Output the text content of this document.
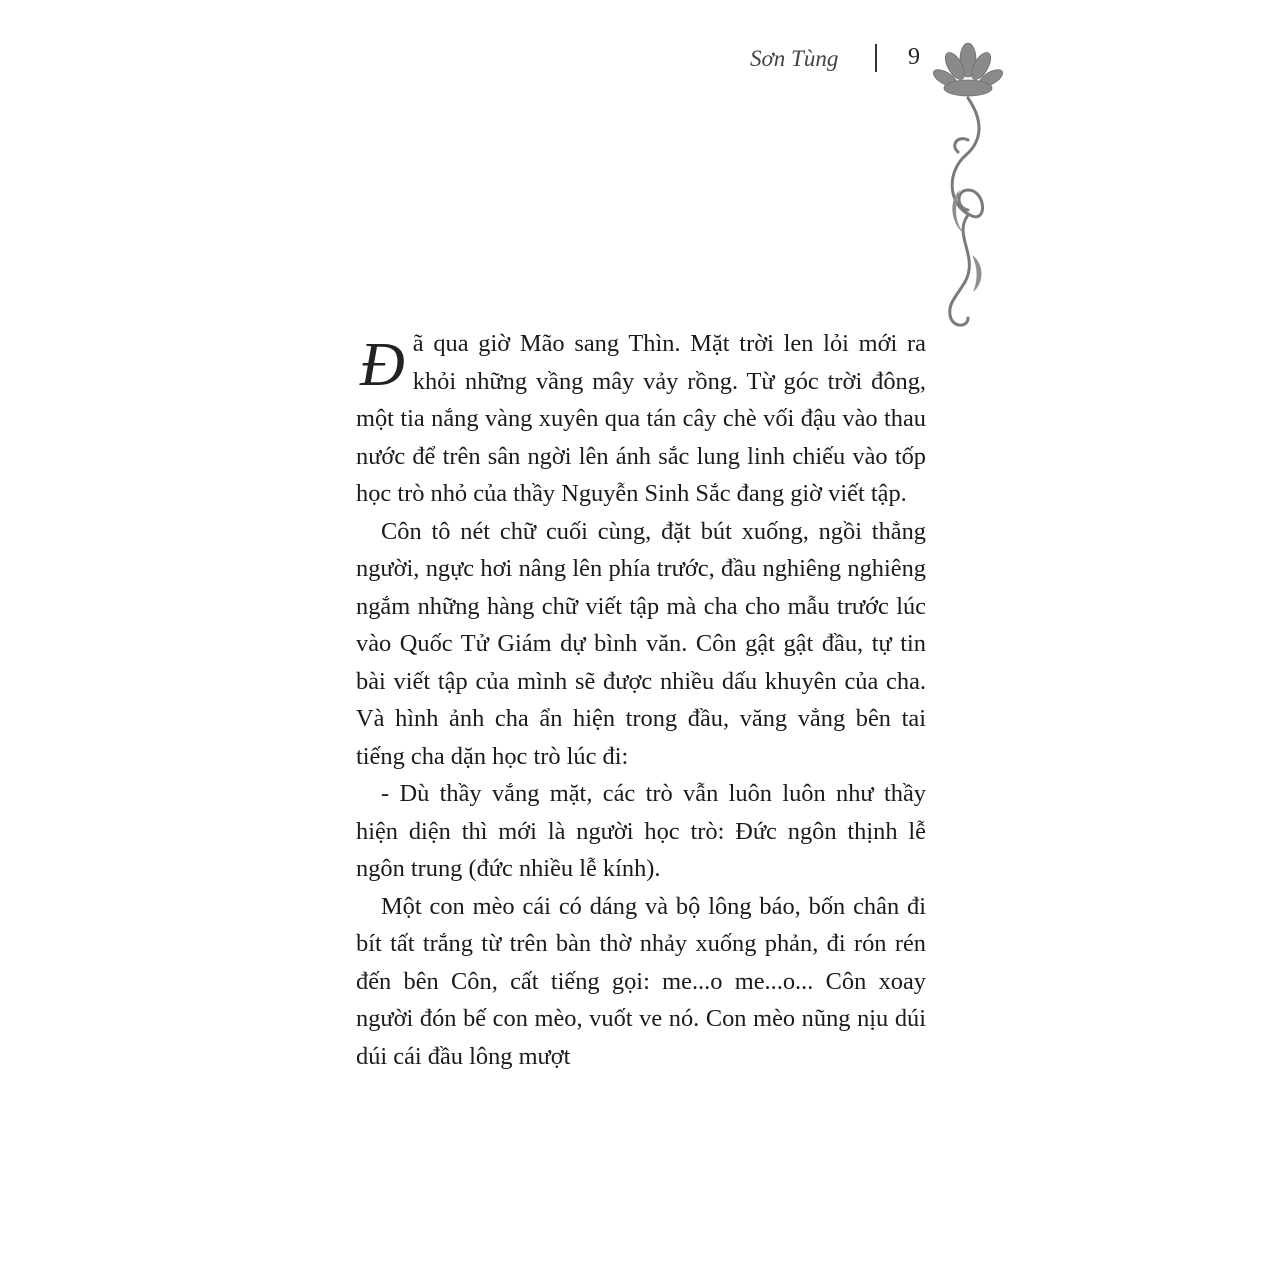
Sơn Tùng	9

Đã qua giờ Mão sang Thìn. Mặt trời len lỏi mới ra khỏi những vầng mây vảy rồng. Từ góc trời đông, một tia nắng vàng xuyên qua tán cây chè vối đậu vào thau nước để trên sân ngời lên ánh sắc lung linh chiếu vào tốp học trò nhỏ của thầy Nguyễn Sinh Sắc đang giờ viết tập.

Côn tô nét chữ cuối cùng, đặt bút xuống, ngồi thẳng người, ngực hơi nâng lên phía trước, đầu nghiêng nghiêng ngắm những hàng chữ viết tập mà cha cho mẫu trước lúc vào Quốc Tử Giám dự bình văn. Côn gật gật đầu, tự tin bài viết tập của mình sẽ được nhiều dấu khuyên của cha. Và hình ảnh cha ẩn hiện trong đầu, văng vẳng bên tai tiếng cha dặn học trò lúc đi:

- Dù thầy vắng mặt, các trò vẫn luôn luôn như thầy hiện diện thì mới là người học trò: Đức ngôn thịnh lễ ngôn trung (đức nhiều lễ kính).

Một con mèo cái có dáng và bộ lông báo, bốn chân đi bít tất trắng từ trên bàn thờ nhảy xuống phản, đi rón rén đến bên Côn, cất tiếng gọi: me...o me...o... Côn xoay người đón bế con mèo, vuốt ve nó. Con mèo nũng nịu dúi dúi cái đầu lông mượt
